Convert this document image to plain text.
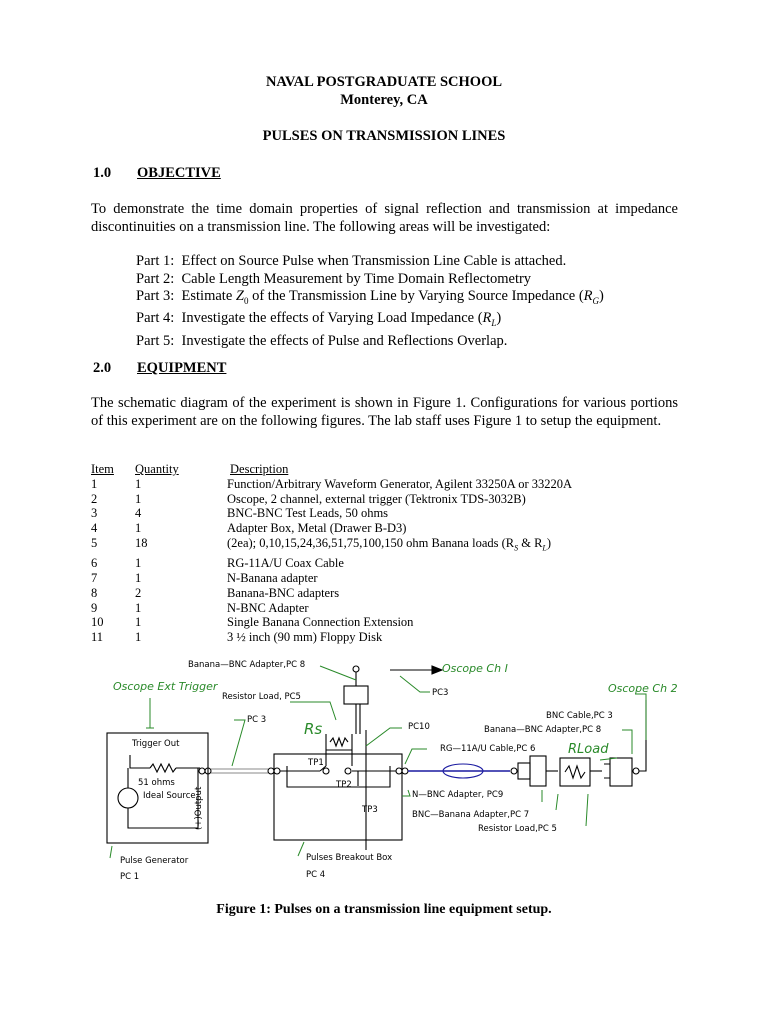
NAVAL POSTGRADUATE SCHOOL
Monterey, CA
PULSES ON TRANSMISSION LINES
1.0 OBJECTIVE
To demonstrate the time domain properties of signal reflection and transmission at impedance discontinuities on a transmission line. The following areas will be investigated:
Part 1: Effect on Source Pulse when Transmission Line Cable is attached.
Part 2: Cable Length Measurement by Time Domain Reflectometry
Part 3: Estimate $Z_0$ of the Transmission Line by Varying Source Impedance $(R_G)$
Part 4: Investigate the effects of Varying Load Impedance $(R_L)$
Part 5: Investigate the effects of Pulse and Reflections Overlap.
2.0 EQUIPMENT
The schematic diagram of the experiment is shown in Figure 1. Configurations for various portions of this experiment are on the following figures. The lab staff uses Figure 1 to setup the equipment.
Item	Quantity	Description
1	1	Function/Arbitrary Waveform Generator, Agilent 33250A or 33220A
2	1	Oscope, 2 channel, external trigger (Tektronix TDS-3032B)
3	4	BNC-BNC Test Leads, 50 ohms
4	1	Adapter Box, Metal (Drawer B-D3)
5	18	(2ea); 0,10,15,24,36,51,75,100,150 ohm Banana loads ($R_S$ & $R_L$)
6	1	RG-11A/U Coax Cable
7	1	N-Banana adapter
8	2	Banana-BNC adapters
9	1	N-BNC Adapter
10	1	Single Banana Connection Extension
11	1	3 ½ inch (90 mm) Floppy Disk
Banana—BNC Adapter,PC 8	Oscope Ch I
PC3
Oscope Ext Trigger
Resistor Load, PC5
PC 3	Rs	PC10
BNC Cable,PC 3
Oscope Ch 2
Banana—BNC Adapter,PC 8
RLoad
Trigger Out
51 ohms
Ideal Source
(+)Output
TP1
TP2
TP3
RG—11A/U Cable,PC 6
N—BNC Adapter, PC9
BNC—Banana Adapter,PC 7
Resistor Load,PC 5
Pulse Generator
PC 1
Pulses Breakout Box
PC 4
Figure 1: Pulses on a transmission line equipment setup.
